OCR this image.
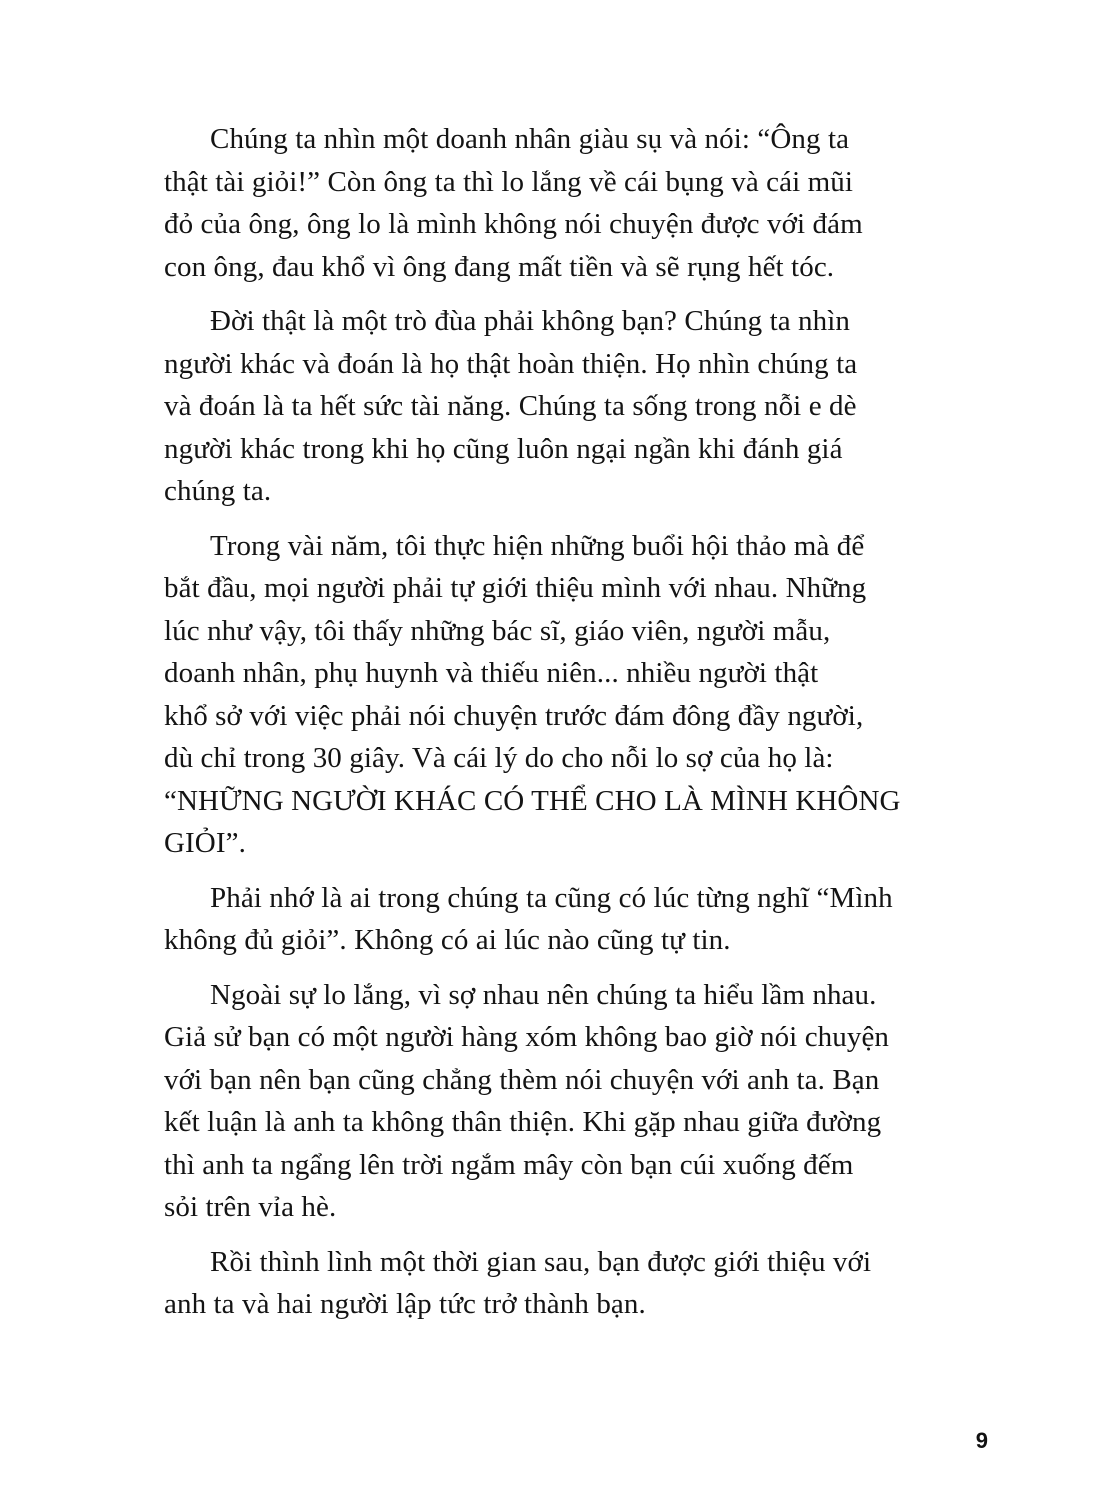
Chúng ta nhìn một doanh nhân giàu sụ và nói: “Ông ta
thật tài giỏi!” Còn ông ta thì lo lắng về cái bụng và cái mũi
đỏ của ông, ông lo là mình không nói chuyện được với đám
con ông, đau khổ vì ông đang mất tiền và sẽ rụng hết tóc.

Đời thật là một trò đùa phải không bạn? Chúng ta nhìn
người khác và đoán là họ thật hoàn thiện. Họ nhìn chúng ta
và đoán là ta hết sức tài năng. Chúng ta sống trong nỗi e dè
người khác trong khi họ cũng luôn ngại ngần khi đánh giá
chúng ta.

Trong vài năm, tôi thực hiện những buổi hội thảo mà để
bắt đầu, mọi người phải tự giới thiệu mình với nhau. Những
lúc như vậy, tôi thấy những bác sĩ, giáo viên, người mẫu,
doanh nhân, phụ huynh và thiếu niên... nhiều người thật
khổ sở với việc phải nói chuyện trước đám đông đầy người,
dù chỉ trong 30 giây. Và cái lý do cho nỗi lo sợ của họ là:
“NHỮNG NGƯỜI KHÁC CÓ THỂ CHO LÀ MÌNH KHÔNG
GIỎI”.

Phải nhớ là ai trong chúng ta cũng có lúc từng nghĩ “Mình
không đủ giỏi”. Không có ai lúc nào cũng tự tin.

Ngoài sự lo lắng, vì sợ nhau nên chúng ta hiểu lầm nhau.
Giả sử bạn có một người hàng xóm không bao giờ nói chuyện
với bạn nên bạn cũng chẳng thèm nói chuyện với anh ta. Bạn
kết luận là anh ta không thân thiện. Khi gặp nhau giữa đường
thì anh ta ngẩng lên trời ngắm mây còn bạn cúi xuống đếm
sỏi trên vỉa hè.

Rồi thình lình một thời gian sau, bạn được giới thiệu với
anh ta và hai người lập tức trở thành bạn.

9
